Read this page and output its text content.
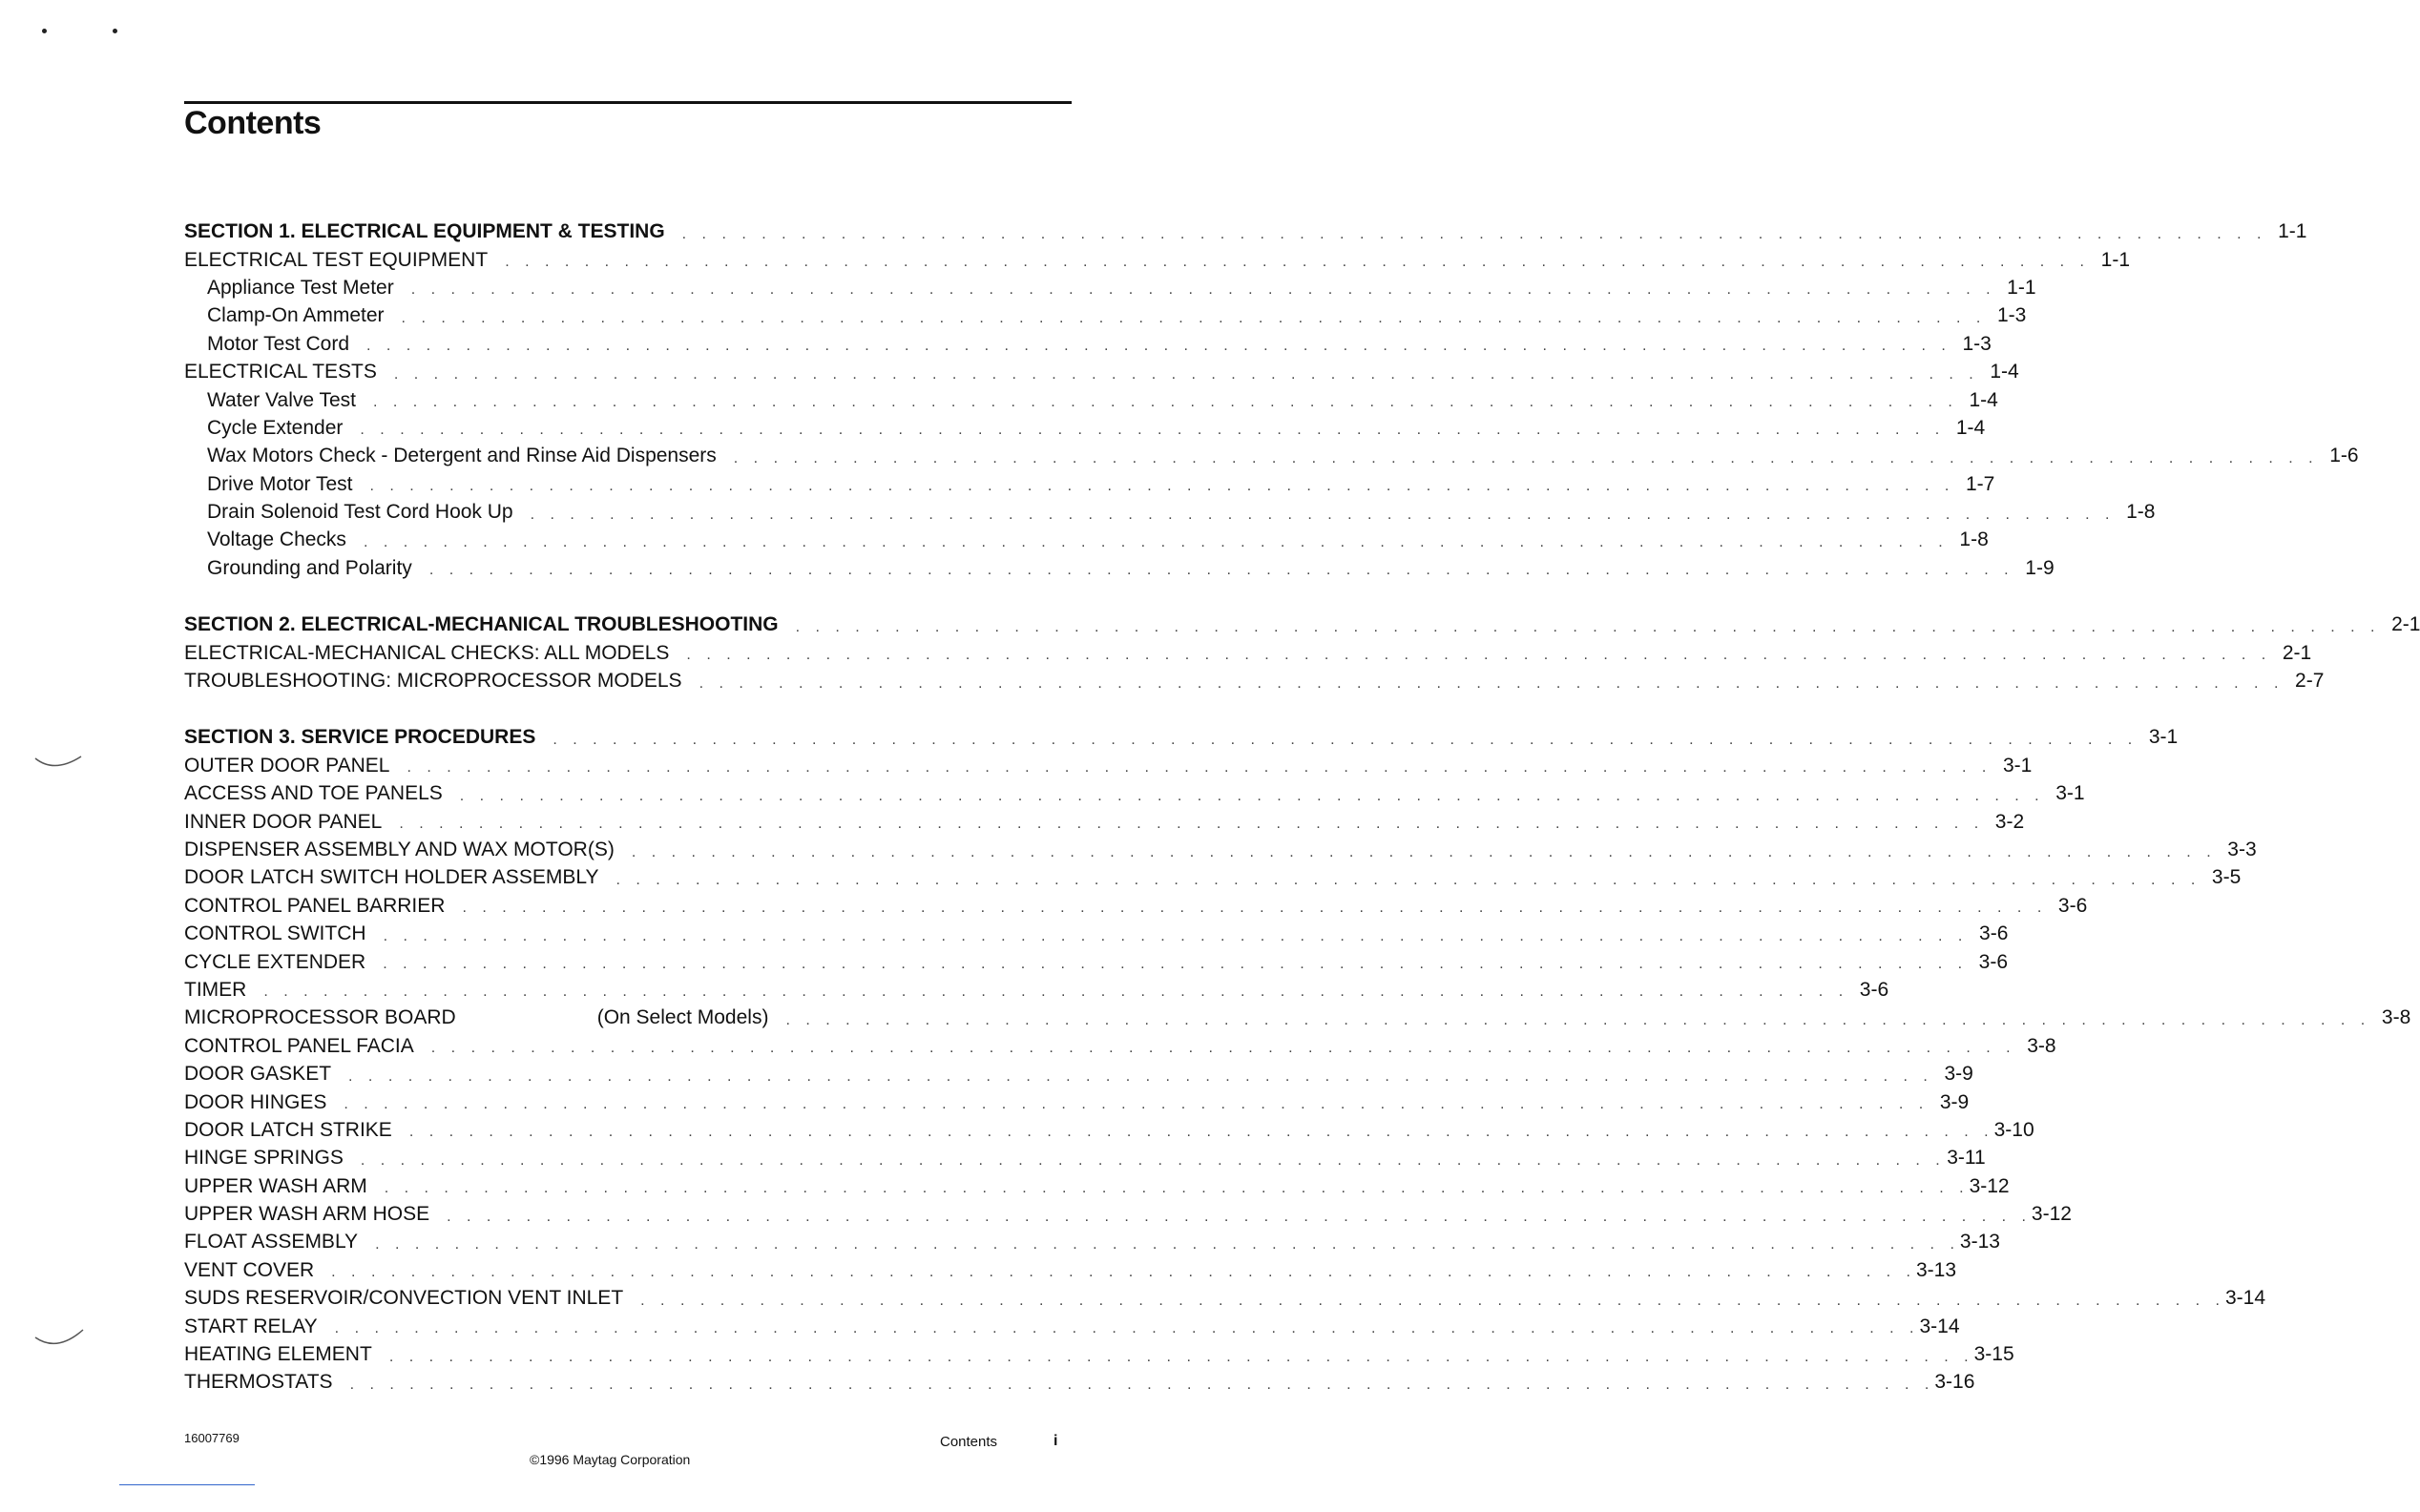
Contents
SECTION 1. ELECTRICAL EQUIPMENT & TESTING	. . . . . . . . . . . . . . . . . . . . . . . . . . . . . . . . . . . . . . . . . . . . . . . . . . . . . . . . . . . . . . . . . . . . . . . . . . . . . . . . 1-1
ELECTRICAL TEST EQUIPMENT	. . . . . . . . . . . . . . . . . . . . . . . . . . . . . . . . . . . . . . . . . . . . . . . . . . . . . . . . . . . . . . . . . . . . . . . . . . . . . . . . 1-1
Appliance Test Meter	. . . . . . . . . . . . . . . . . . . . . . . . . . . . . . . . . . . . . . . . . . . . . . . . . . . . . . . . . . . . . . . . . . . . . . . . . . . . . . . . 1-1
Clamp-On Ammeter	. . . . . . . . . . . . . . . . . . . . . . . . . . . . . . . . . . . . . . . . . . . . . . . . . . . . . . . . . . . . . . . . . . . . . . . . . . . . . . . . 1-3
Motor Test Cord	. . . . . . . . . . . . . . . . . . . . . . . . . . . . . . . . . . . . . . . . . . . . . . . . . . . . . . . . . . . . . . . . . . . . . . . . . . . . . . . . 1-3
ELECTRICAL TESTS	. . . . . . . . . . . . . . . . . . . . . . . . . . . . . . . . . . . . . . . . . . . . . . . . . . . . . . . . . . . . . . . . . . . . . . . . . . . . . . . . 1-4
Water Valve Test	. . . . . . . . . . . . . . . . . . . . . . . . . . . . . . . . . . . . . . . . . . . . . . . . . . . . . . . . . . . . . . . . . . . . . . . . . . . . . . . . 1-4
Cycle Extender	. . . . . . . . . . . . . . . . . . . . . . . . . . . . . . . . . . . . . . . . . . . . . . . . . . . . . . . . . . . . . . . . . . . . . . . . . . . . . . . . 1-4
Wax Motors Check - Detergent and Rinse Aid Dispensers	. . . . . . . . . . . . . . . . . . . . . . . . . . . . . . . . . . . . . . . . . . . . . . . . . . . . . . . . . . . . . . . . . . . . . . . . . . . . . . . . 1-6
Drive Motor Test	. . . . . . . . . . . . . . . . . . . . . . . . . . . . . . . . . . . . . . . . . . . . . . . . . . . . . . . . . . . . . . . . . . . . . . . . . . . . . . . . 1-7
Drain Solenoid Test Cord Hook Up	. . . . . . . . . . . . . . . . . . . . . . . . . . . . . . . . . . . . . . . . . . . . . . . . . . . . . . . . . . . . . . . . . . . . . . . . . . . . . . . . 1-8
Voltage Checks	. . . . . . . . . . . . . . . . . . . . . . . . . . . . . . . . . . . . . . . . . . . . . . . . . . . . . . . . . . . . . . . . . . . . . . . . . . . . . . . . 1-8
Grounding and Polarity	. . . . . . . . . . . . . . . . . . . . . . . . . . . . . . . . . . . . . . . . . . . . . . . . . . . . . . . . . . . . . . . . . . . . . . . . . . . . . . . . 1-9
SECTION 2. ELECTRICAL-MECHANICAL TROUBLESHOOTING	. . . . . . . . . . . . . . . . . . . . . . . . . . . . . . . . . . . . . . . . . . . . . . . . . . . . . . . . . . . . . . . . . . . . . . . . . . . . . . . . 2-1
ELECTRICAL-MECHANICAL CHECKS: ALL MODELS	. . . . . . . . . . . . . . . . . . . . . . . . . . . . . . . . . . . . . . . . . . . . . . . . . . . . . . . . . . . . . . . . . . . . . . . . . . . . . . . . 2-1
TROUBLESHOOTING: MICROPROCESSOR MODELS	. . . . . . . . . . . . . . . . . . . . . . . . . . . . . . . . . . . . . . . . . . . . . . . . . . . . . . . . . . . . . . . . . . . . . . . . . . . . . . . . 2-7
SECTION 3. SERVICE PROCEDURES	. . . . . . . . . . . . . . . . . . . . . . . . . . . . . . . . . . . . . . . . . . . . . . . . . . . . . . . . . . . . . . . . . . . . . . . . . . . . . . . . 3-1
OUTER DOOR PANEL	. . . . . . . . . . . . . . . . . . . . . . . . . . . . . . . . . . . . . . . . . . . . . . . . . . . . . . . . . . . . . . . . . . . . . . . . . . . . . . . . 3-1
ACCESS AND TOE PANELS	. . . . . . . . . . . . . . . . . . . . . . . . . . . . . . . . . . . . . . . . . . . . . . . . . . . . . . . . . . . . . . . . . . . . . . . . . . . . . . . . 3-1
INNER DOOR PANEL	. . . . . . . . . . . . . . . . . . . . . . . . . . . . . . . . . . . . . . . . . . . . . . . . . . . . . . . . . . . . . . . . . . . . . . . . . . . . . . . . 3-2
DISPENSER ASSEMBLY AND WAX MOTOR(S)	. . . . . . . . . . . . . . . . . . . . . . . . . . . . . . . . . . . . . . . . . . . . . . . . . . . . . . . . . . . . . . . . . . . . . . . . . . . . . . . . 3-3
DOOR LATCH SWITCH HOLDER ASSEMBLY	. . . . . . . . . . . . . . . . . . . . . . . . . . . . . . . . . . . . . . . . . . . . . . . . . . . . . . . . . . . . . . . . . . . . . . . . . . . . . . . . 3-5
CONTROL PANEL BARRIER	. . . . . . . . . . . . . . . . . . . . . . . . . . . . . . . . . . . . . . . . . . . . . . . . . . . . . . . . . . . . . . . . . . . . . . . . . . . . . . . . 3-6
CONTROL SWITCH	. . . . . . . . . . . . . . . . . . . . . . . . . . . . . . . . . . . . . . . . . . . . . . . . . . . . . . . . . . . . . . . . . . . . . . . . . . . . . . . . 3-6
CYCLE EXTENDER	. . . . . . . . . . . . . . . . . . . . . . . . . . . . . . . . . . . . . . . . . . . . . . . . . . . . . . . . . . . . . . . . . . . . . . . . . . . . . . . . 3-6
TIMER	. . . . . . . . . . . . . . . . . . . . . . . . . . . . . . . . . . . . . . . . . . . . . . . . . . . . . . . . . . . . . . . . . . . . . . . . . . . . . . . . 3-6
MICROPROCESSOR BOARD	(On Select Models)	. . . . . . . . . . . . . . . . . . . . . . . . . . . . . . . . . . . . . . . . . . . . . . . . . . . . . . . . . . . . . . . . . . . . . . . . . . . . . . . . 3-8
CONTROL PANEL FACIA	. . . . . . . . . . . . . . . . . . . . . . . . . . . . . . . . . . . . . . . . . . . . . . . . . . . . . . . . . . . . . . . . . . . . . . . . . . . . . . . . 3-8
DOOR GASKET	. . . . . . . . . . . . . . . . . . . . . . . . . . . . . . . . . . . . . . . . . . . . . . . . . . . . . . . . . . . . . . . . . . . . . . . . . . . . . . . . 3-9
DOOR HINGES	. . . . . . . . . . . . . . . . . . . . . . . . . . . . . . . . . . . . . . . . . . . . . . . . . . . . . . . . . . . . . . . . . . . . . . . . . . . . . . . . 3-9
DOOR LATCH STRIKE	. . . . . . . . . . . . . . . . . . . . . . . . . . . . . . . . . . . . . . . . . . . . . . . . . . . . . . . . . . . . . . . . . . . . . . . . . . . . . . . . 3-10
HINGE SPRINGS	. . . . . . . . . . . . . . . . . . . . . . . . . . . . . . . . . . . . . . . . . . . . . . . . . . . . . . . . . . . . . . . . . . . . . . . . . . . . . . . . 3-11
UPPER WASH ARM	. . . . . . . . . . . . . . . . . . . . . . . . . . . . . . . . . . . . . . . . . . . . . . . . . . . . . . . . . . . . . . . . . . . . . . . . . . . . . . . . 3-12
UPPER WASH ARM HOSE	. . . . . . . . . . . . . . . . . . . . . . . . . . . . . . . . . . . . . . . . . . . . . . . . . . . . . . . . . . . . . . . . . . . . . . . . . . . . . . . . 3-12
FLOAT ASSEMBLY	. . . . . . . . . . . . . . . . . . . . . . . . . . . . . . . . . . . . . . . . . . . . . . . . . . . . . . . . . . . . . . . . . . . . . . . . . . . . . . . . 3-13
VENT COVER	. . . . . . . . . . . . . . . . . . . . . . . . . . . . . . . . . . . . . . . . . . . . . . . . . . . . . . . . . . . . . . . . . . . . . . . . . . . . . . . . 3-13
SUDS RESERVOIR/CONVECTION VENT INLET	. . . . . . . . . . . . . . . . . . . . . . . . . . . . . . . . . . . . . . . . . . . . . . . . . . . . . . . . . . . . . . . . . . . . . . . . . . . . . . . . 3-14
START RELAY	. . . . . . . . . . . . . . . . . . . . . . . . . . . . . . . . . . . . . . . . . . . . . . . . . . . . . . . . . . . . . . . . . . . . . . . . . . . . . . . . 3-14
HEATING ELEMENT	. . . . . . . . . . . . . . . . . . . . . . . . . . . . . . . . . . . . . . . . . . . . . . . . . . . . . . . . . . . . . . . . . . . . . . . . . . . . . . . . 3-15
THERMOSTATS	. . . . . . . . . . . . . . . . . . . . . . . . . . . . . . . . . . . . . . . . . . . . . . . . . . . . . . . . . . . . . . . . . . . . . . . . . . . . . . . . 3-16
16007769
©1996 Maytag Corporation
Contents	i
